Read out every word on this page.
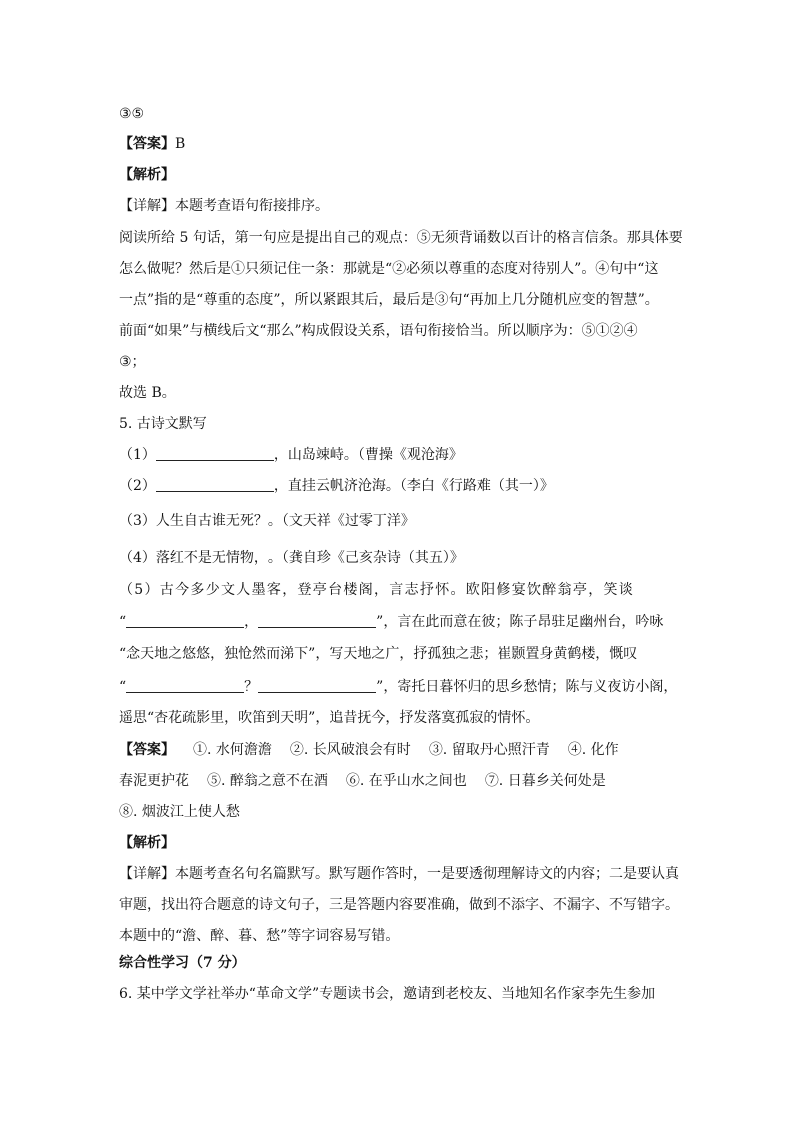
③⑤
【答案】B
【解析】
【详解】本题考查语句衔接排序。
阅读所给 5 句话，第一句应是提出自己的观点：⑤无须背诵数以百计的格言信条。那具体要
怎么做呢？然后是①只须记住一条：那就是“②必须以尊重的态度对待别人”。④句中“这
一点”指的是“尊重的态度”，所以紧跟其后，最后是③句“再加上几分随机应变的智慧”。
前面“如果”与横线后文“那么”构成假设关系，语句衔接恰当。所以顺序为：⑤①②④
③；
故选 B。
5. 古诗文默写
（1）	，山岛竦峙。（曹操《观沧海》
（2）	，直挂云帆济沧海。（李白《行路难（其一）》
（3）人生自古谁无死？。（文天祥《过零丁洋》
（4）落红不是无情物，。（龚自珍《己亥杂诗（其五）》
（5）古今多少文人墨客，登亭台楼阁，言志抒怀。欧阳修宴饮醉翁亭，笑谈
“	，	”，言在此而意在彼；陈子昂驻足幽州台，吟咏
“念天地之悠悠，独怆然而涕下”，写天地之广，抒孤独之悲；崔颢置身黄鹤楼，慨叹
“	？	”，寄托日暮怀归的思乡愁情；陈与义夜访小阁，
遥思“杏花疏影里，吹笛到天明”，追昔抚今，抒发落寞孤寂的情怀。
【答案】 ①. 水何澹澹 ②. 长风破浪会有时 ③. 留取丹心照汗青 ④. 化作
春泥更护花 ⑤. 醉翁之意不在酒 ⑥. 在乎山水之间也 ⑦. 日暮乡关何处是
⑧. 烟波江上使人愁
【解析】
【详解】本题考查名句名篇默写。默写题作答时，一是要透彻理解诗文的内容；二是要认真
审题，找出符合题意的诗文句子，三是答题内容要准确，做到不添字、不漏字、不写错字。
本题中的“澹、醉、暮、愁”等字词容易写错。
综合性学习（7 分）
6. 某中学文学社举办“革命文学”专题读书会，邀请到老校友、当地知名作家李先生参加
